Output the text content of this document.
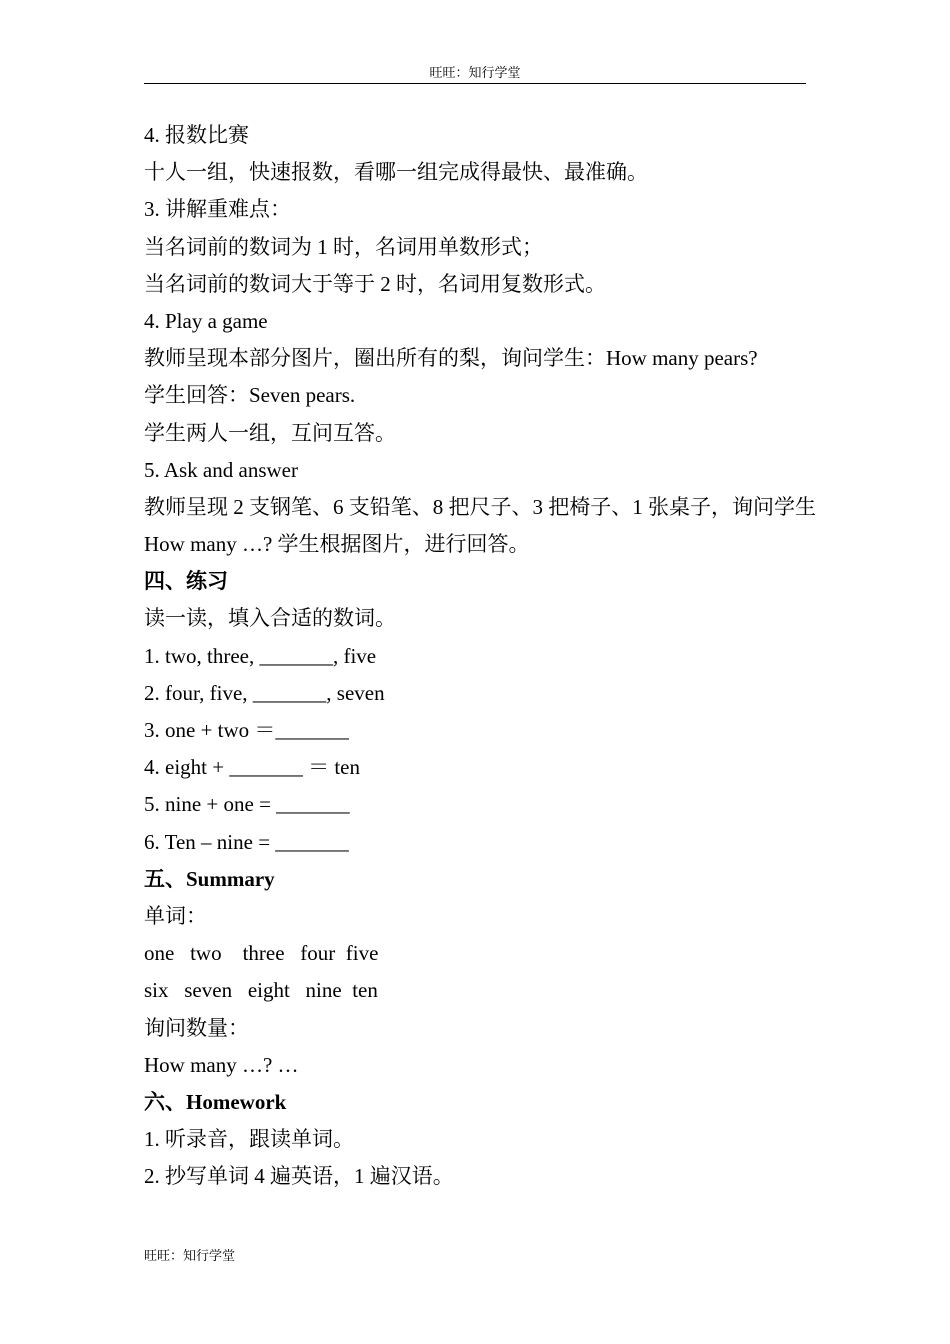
旺旺：知行学堂
4. 报数比赛
十人一组，快速报数，看哪一组完成得最快、最准确。
3. 讲解重难点：
当名词前的数词为 1 时，名词用单数形式；
当名词前的数词大于等于 2 时，名词用复数形式。
4. Play a game
教师呈现本部分图片，圈出所有的梨，询问学生：How many pears?
学生回答：Seven pears.
学生两人一组，互问互答。
5. Ask and answer
教师呈现 2 支钢笔、6 支铅笔、8 把尺子、3 把椅子、1 张桌子，询问学生
How many …? 学生根据图片，进行回答。
四、练习
读一读，填入合适的数词。
1. two, three, _______, five
2. four, five, _______, seven
3. one + two ＝_______
4. eight + _______ ＝ ten
5. nine + one = _______
6. Ten – nine = _______
五、Summary
单词：
one   two    three   four  five
six   seven   eight   nine  ten
询问数量：
How many …? …
六、Homework
1. 听录音，跟读单词。
2. 抄写单词 4 遍英语，1 遍汉语。
旺旺：知行学堂
